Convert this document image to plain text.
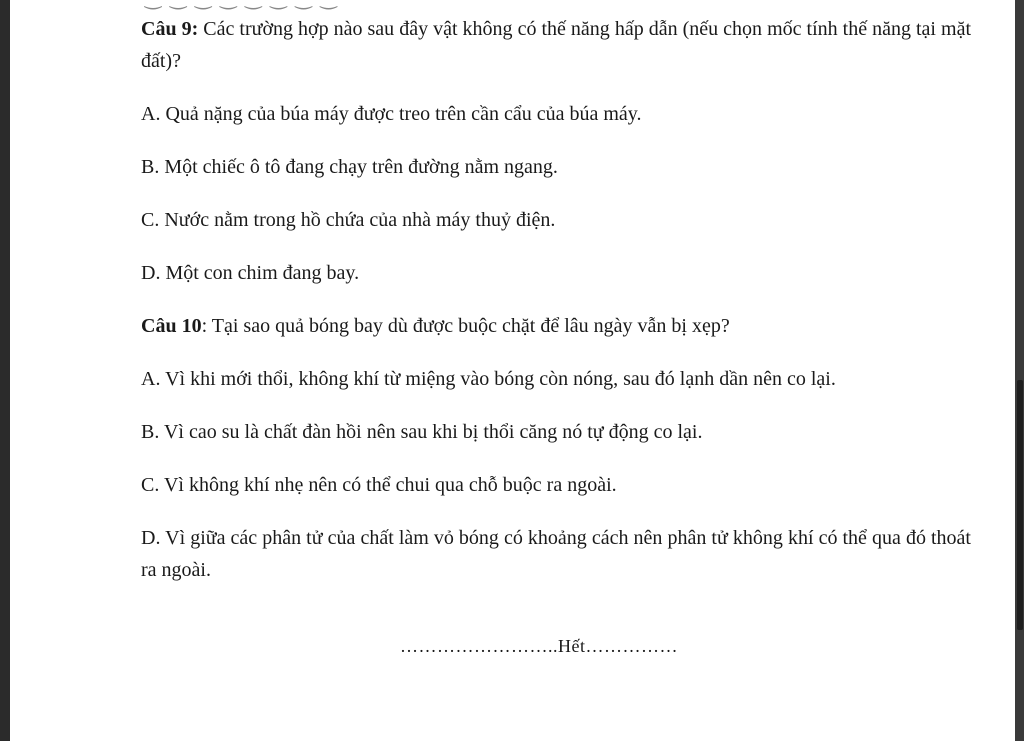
Câu 9: Các trường hợp nào sau đây vật không có thế năng hấp dẫn (nếu chọn mốc tính thế năng tại mặt đất)?

A. Quả nặng của búa máy được treo trên cần cẩu của búa máy.

B. Một chiếc ô tô đang chạy trên đường nằm ngang.

C. Nước nằm trong hồ chứa của nhà máy thuỷ điện.

D. Một con chim đang bay.

Câu 10: Tại sao quả bóng bay dù được buộc chặt để lâu ngày vẫn bị xẹp?

A. Vì khi mới thổi, không khí từ miệng vào bóng còn nóng, sau đó lạnh dần nên co lại.

B. Vì cao su là chất đàn hồi nên sau khi bị thổi căng nó tự động co lại.

C. Vì không khí nhẹ nên có thể chui qua chỗ buộc ra ngoài.

D. Vì giữa các phân tử của chất làm vỏ bóng có khoảng cách nên phân tử không khí có thể qua đó thoát ra ngoài.

……………………..Hết……………
